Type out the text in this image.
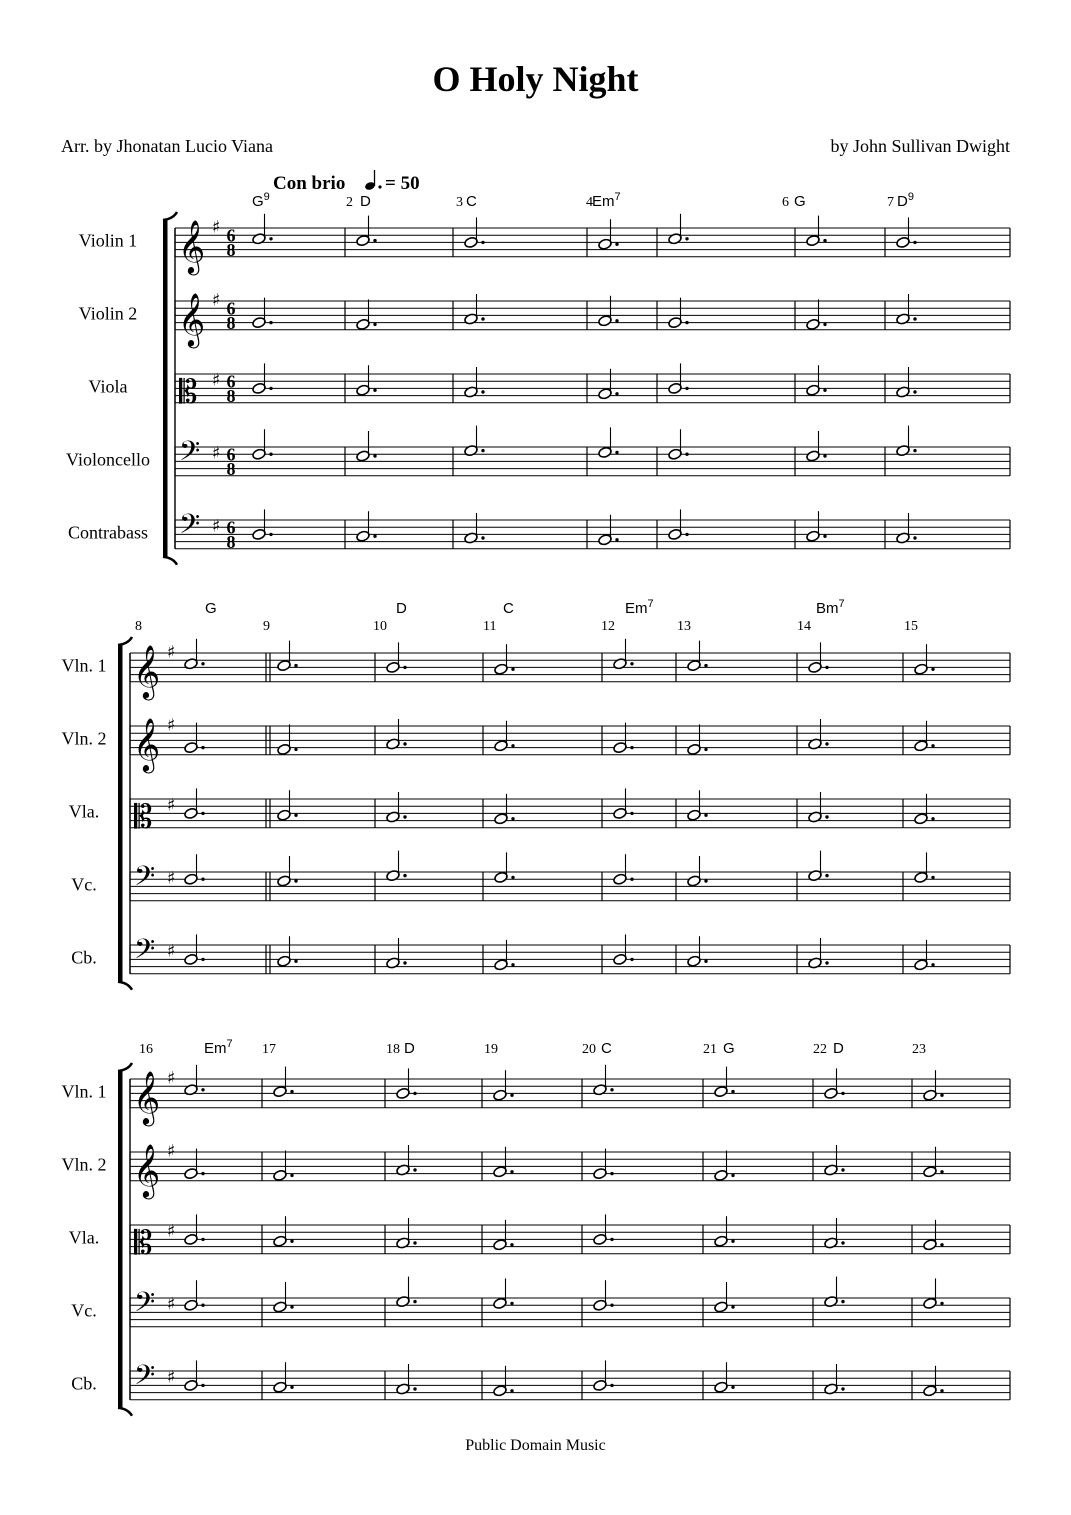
O Holy Night
Arr. by Jhonatan Lucio Viana	by John Sullivan Dwight
Public Domain Music
Violin 1 𝄞 ♯ 6
8
Violin 2 𝄞 ♯ 6
8
Viola 𝄡 ♯ 6
8
Violoncello 𝄢 ♯ 6
8
Contrabass 𝄢 ♯ 6
8
$G^9$	2 D	3 C	4 Em$^7$	6 G	7 $D^9$
Vln. 1 𝄞 ♯
Vln. 2 𝄞 ♯
Vla. 𝄡 ♯
Vc. 𝄢 ♯
Cb. 𝄢 ♯
8
G
9	10
D
11
C
12
Em$^7$
13	14
Bm$^7$
15
Vln. 1 𝄞 ♯
Vln. 2 𝄞 ♯
Vla. 𝄡 ♯
Vc. 𝄢 ♯
Cb. 𝄢 ♯
16	Em$^7$ 17	18 D	19	20 C	21 G	22 D	23
Con brio = 50
